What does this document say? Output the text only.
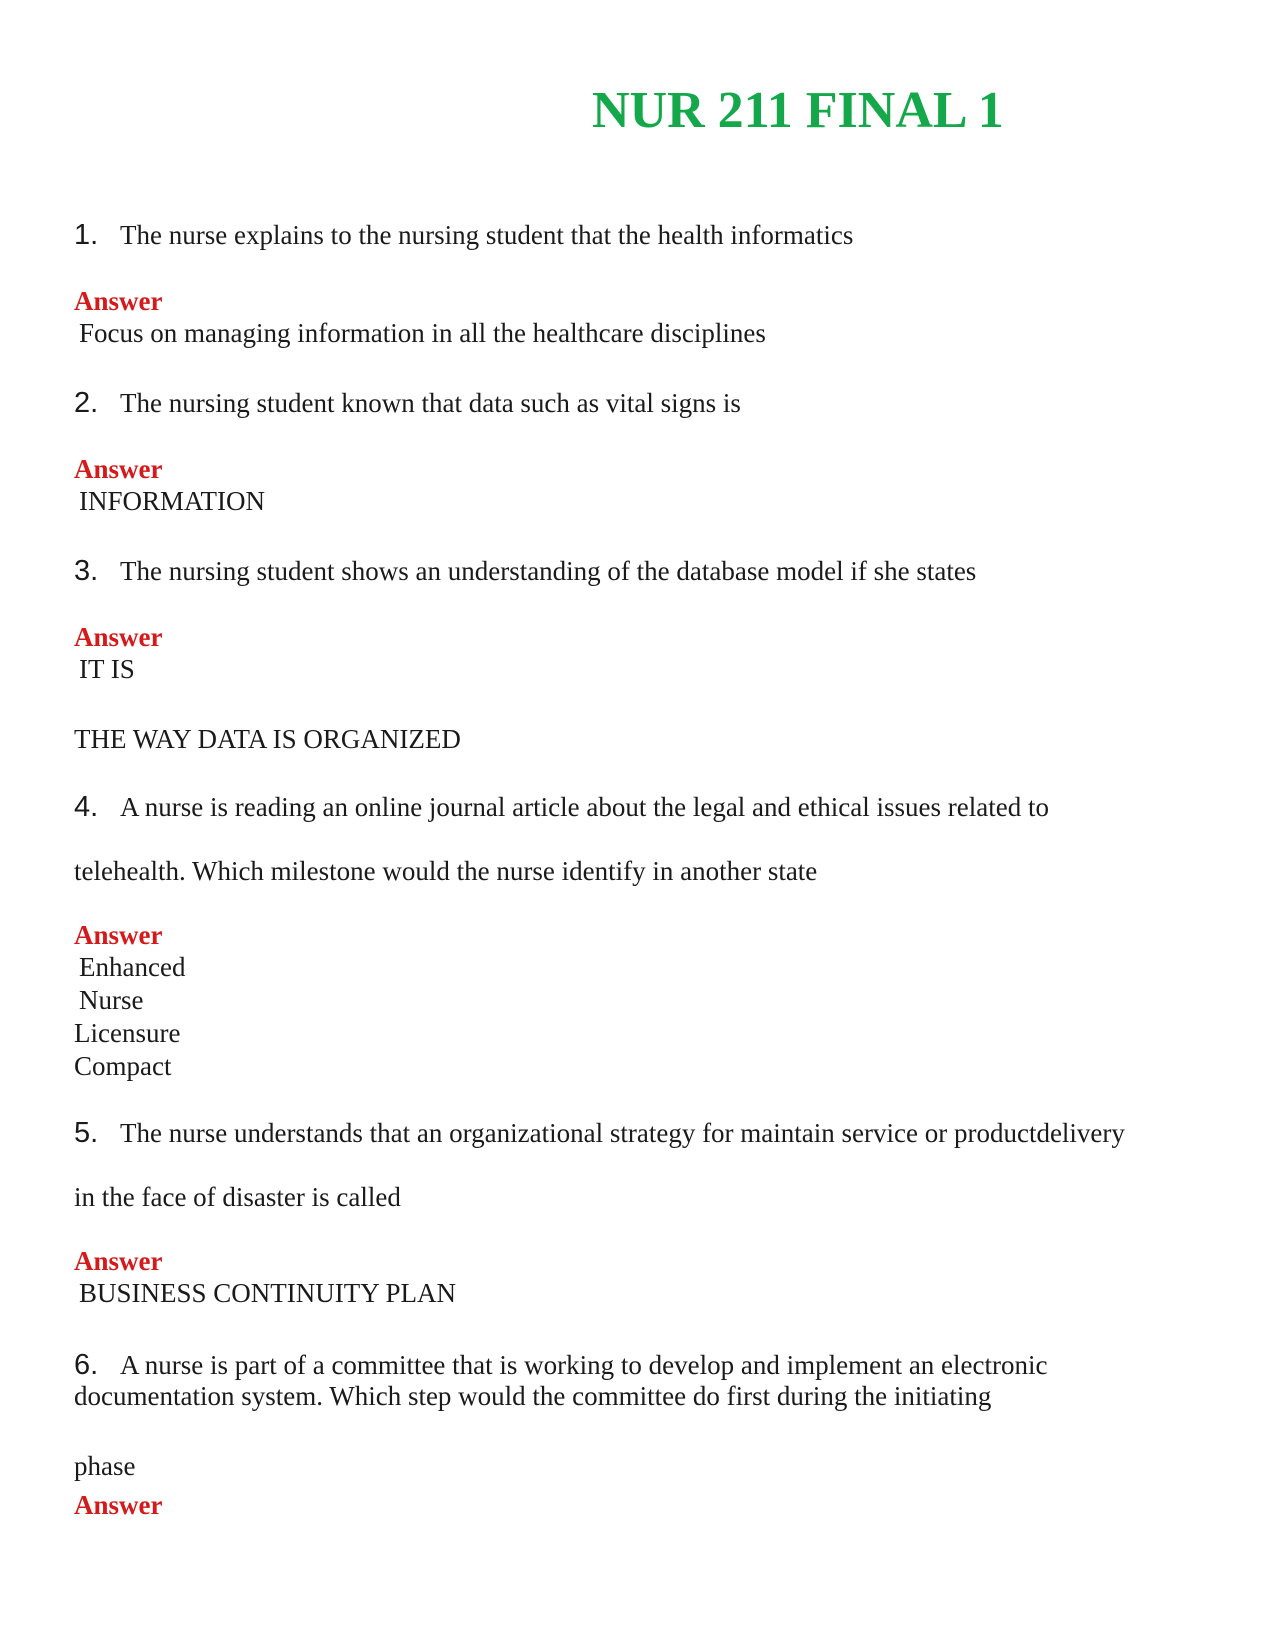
NUR 211 FINAL 1

1. The nurse explains to the nursing student that the health informatics

Answer

Focus on managing information in all the healthcare disciplines

2. The nursing student known that data such as vital signs is

Answer

INFORMATION

3. The nursing student shows an understanding of the database model if she states

Answer

IT IS

THE WAY DATA IS ORGANIZED

4. A nurse is reading an online journal article about the legal and ethical issues related to

telehealth. Which milestone would the nurse identify in another state

Answer

Enhanced

Nurse

Licensure

Compact

5. The nurse understands that an organizational strategy for maintain service or productdelivery

in the face of disaster is called

Answer

BUSINESS CONTINUITY PLAN

6. A nurse is part of a committee that is working to develop and implement an electronic

documentation system. Which step would the committee do first during the initiating

phase

Answer
